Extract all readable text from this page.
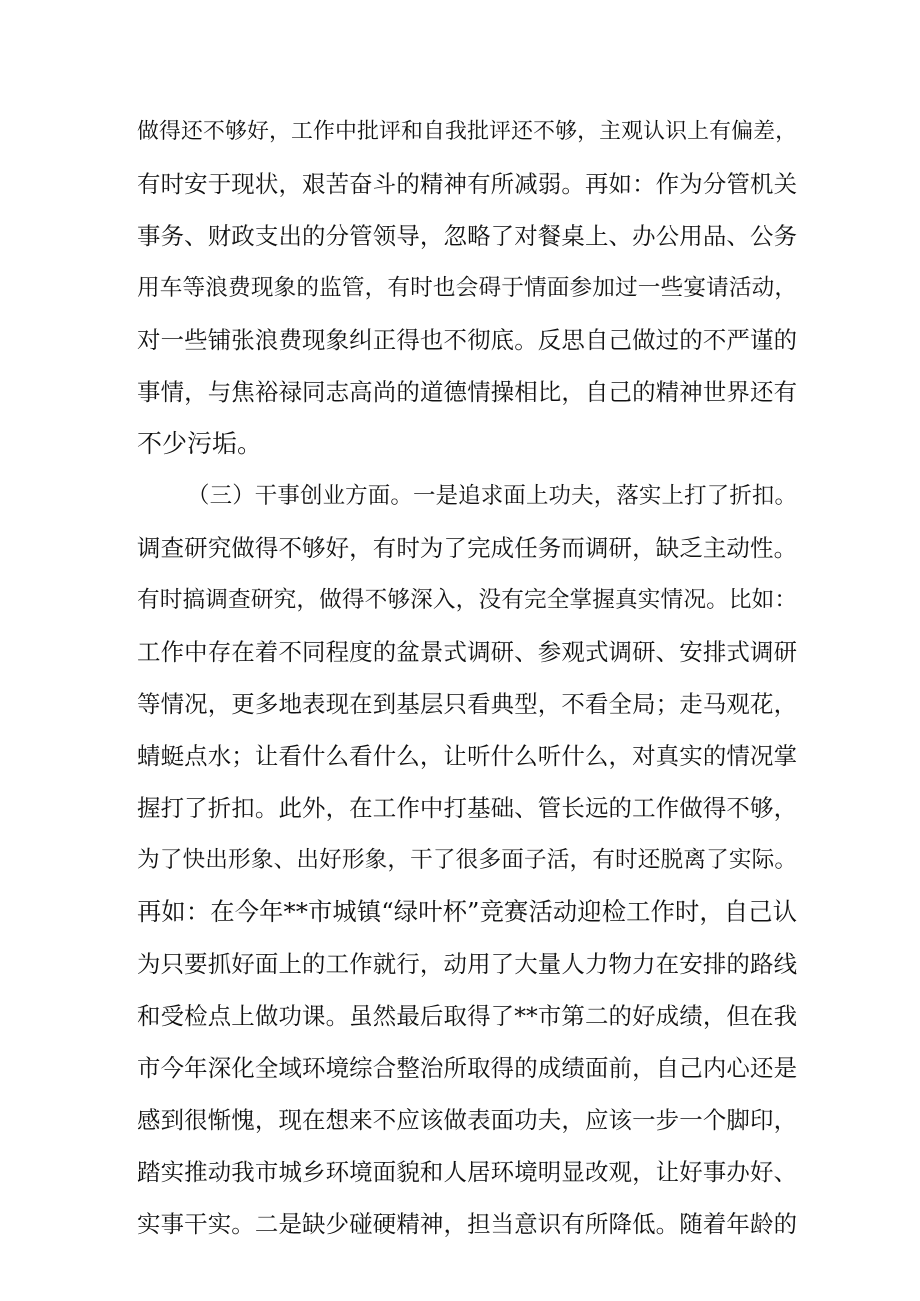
做得还不够好，工作中批评和自我批评还不够，主观认识上有偏差，
有时安于现状，艰苦奋斗的精神有所减弱。再如：作为分管机关
事务、财政支出的分管领导，忽略了对餐桌上、办公用品、公务
用车等浪费现象的监管，有时也会碍于情面参加过一些宴请活动，
对一些铺张浪费现象纠正得也不彻底。反思自己做过的不严谨的
事情，与焦裕禄同志高尚的道德情操相比，自己的精神世界还有
不少污垢。
（三）干事创业方面。一是追求面上功夫，落实上打了折扣。
调查研究做得不够好，有时为了完成任务而调研，缺乏主动性。
有时搞调查研究，做得不够深入，没有完全掌握真实情况。比如：
工作中存在着不同程度的盆景式调研、参观式调研、安排式调研
等情况，更多地表现在到基层只看典型，不看全局；走马观花，
蜻蜓点水；让看什么看什么，让听什么听什么，对真实的情况掌
握打了折扣。此外，在工作中打基础、管长远的工作做得不够，
为了快出形象、出好形象，干了很多面子活，有时还脱离了实际。
再如：在今年**市城镇“绿叶杯”竞赛活动迎检工作时，自己认
为只要抓好面上的工作就行，动用了大量人力物力在安排的路线
和受检点上做功课。虽然最后取得了**市第二的好成绩，但在我
市今年深化全域环境综合整治所取得的成绩面前，自己内心还是
感到很惭愧，现在想来不应该做表面功夫，应该一步一个脚印，
踏实推动我市城乡环境面貌和人居环境明显改观，让好事办好、
实事干实。二是缺少碰硬精神，担当意识有所降低。随着年龄的
